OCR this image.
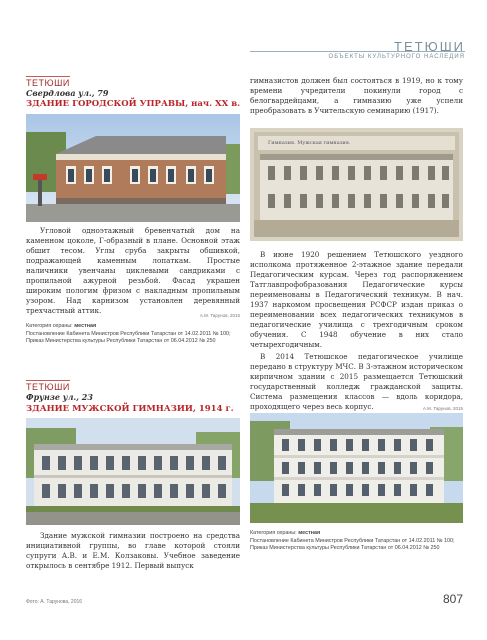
ТЕТЮШИ
ОБЪЕКТЫ КУЛЬТУРНОГО НАСЛЕДИЯ
ТЕТЮШИ
Свердлова ул., 79
ЗДАНИЕ ГОРОДСКОЙ УПРАВЫ, нач. XX в.
Угловой одноэтажный бревенчатый дом на каменном цоколе, Г-образный в плане. Основной этаж обшит тесом. Углы сруба закрыты обшивкой, подражающей каменным лопаткам. Простые наличники увенчаны циклевыми сандриками с пропильной ажурной резьбой. Фасад украшен широким пологим фризом с накладным пропильным узором. Над карнизом установлен деревянный трехчастный аттик.
А.М. Тарунов, 2015
Категория охраны: местная
Постановление Кабинета Министров Республики Татарстан от 14.02.2011 № 100; Приказ Министерства культуры Республики Татарстан от 06.04.2012 № 250
ТЕТЮШИ
Фрунзе ул., 23
ЗДАНИЕ МУЖСКОЙ ГИМНАЗИИ, 1914 г.
Здание мужской гимназии построено на средства инициативной группы, во главе которой стояли супруги А.В. и Е.М. Колзаковы. Учебное заведение открылось в сентябре 1912. Первый выпуск
гимназистов должен был состояться в 1919, но к тому времени учредители покинули город с белогвардейцами, а гимназию уже успели преобразовать в Учительскую семинарию (1917).
Гимназия. Мужская гимназия.
В июне 1920 решением Тетюшского уездного исполкома протяженное 2-этажное здание передали Педагогическим курсам. Через год распоряжением Татглавпрофобразования Педагогические курсы переименованы в Педагогический техникум. В нач. 1937 наркомом просвещения РСФСР издан приказ о переименовании всех педагогических техникумов в педагогические училища с трехгодичным сроком обучения. С 1948 обучение в них стало четырехгодичным.
В 2014 Тетюшское педагогическое училище передано в структуру МЧС. В 3-этажном историческом кирпичном здании с 2015 размещается Тетюшский государственный колледж гражданской защиты. Система размещения классов — вдоль коридора, проходящего через весь корпус.	А.М. Тарунов, 2015
Категория охраны: местная
Постановление Кабинета Министров Республики Татарстан от 14.02.2011 № 100; Приказ Министерства культуры Республики Татарстан от 06.04.2012 № 250
Фото: А. Тарунова, 2016	807
